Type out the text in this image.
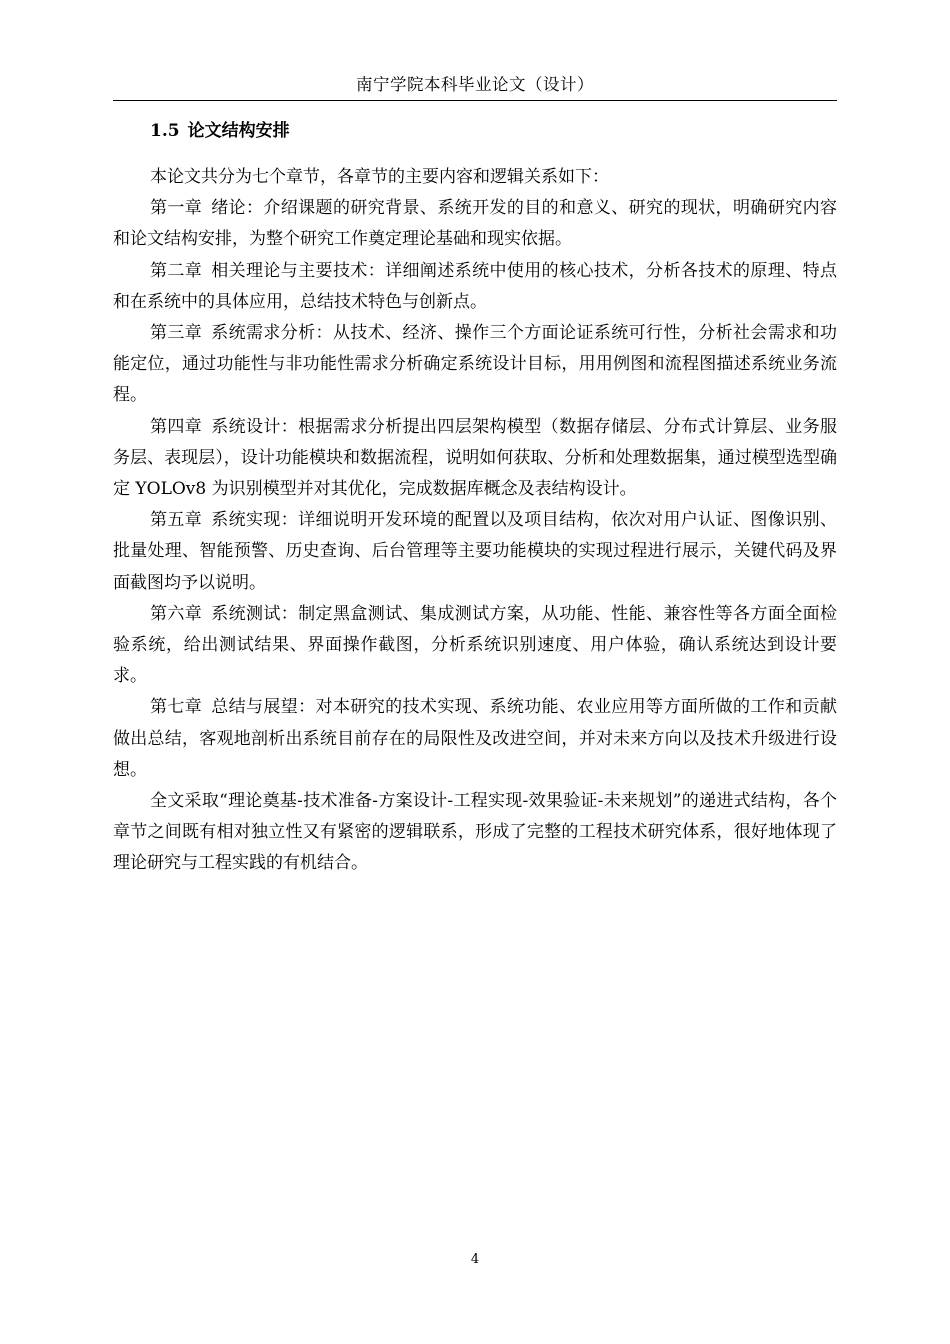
南宁学院本科毕业论文（设计）
1.5 论文结构安排

本论文共分为七个章节，各章节的主要内容和逻辑关系如下：

第一章 绪论：介绍课题的研究背景、系统开发的目的和意义、研究的现状，明确研究内容和论文结构安排，为整个研究工作奠定理论基础和现实依据。

第二章 相关理论与主要技术：详细阐述系统中使用的核心技术，分析各技术的原理、特点和在系统中的具体应用，总结技术特色与创新点。

第三章 系统需求分析：从技术、经济、操作三个方面论证系统可行性，分析社会需求和功能定位，通过功能性与非功能性需求分析确定系统设计目标，用用例图和流程图描述系统业务流程。

第四章 系统设计：根据需求分析提出四层架构模型（数据存储层、分布式计算层、业务服务层、表现层），设计功能模块和数据流程，说明如何获取、分析和处理数据集，通过模型选型确定 YOLOv8 为识别模型并对其优化，完成数据库概念及表结构设计。

第五章 系统实现：详细说明开发环境的配置以及项目结构，依次对用户认证、图像识别、批量处理、智能预警、历史查询、后台管理等主要功能模块的实现过程进行展示，关键代码及界面截图均予以说明。

第六章 系统测试：制定黑盒测试、集成测试方案，从功能、性能、兼容性等各方面全面检验系统，给出测试结果、界面操作截图，分析系统识别速度、用户体验，确认系统达到设计要求。

第七章 总结与展望：对本研究的技术实现、系统功能、农业应用等方面所做的工作和贡献做出总结，客观地剖析出系统目前存在的局限性及改进空间，并对未来方向以及技术升级进行设想。

全文采取“理论奠基-技术准备-方案设计-工程实现-效果验证-未来规划”的递进式结构，各个章节之间既有相对独立性又有紧密的逻辑联系，形成了完整的工程技术研究体系，很好地体现了理论研究与工程实践的有机结合。

4
